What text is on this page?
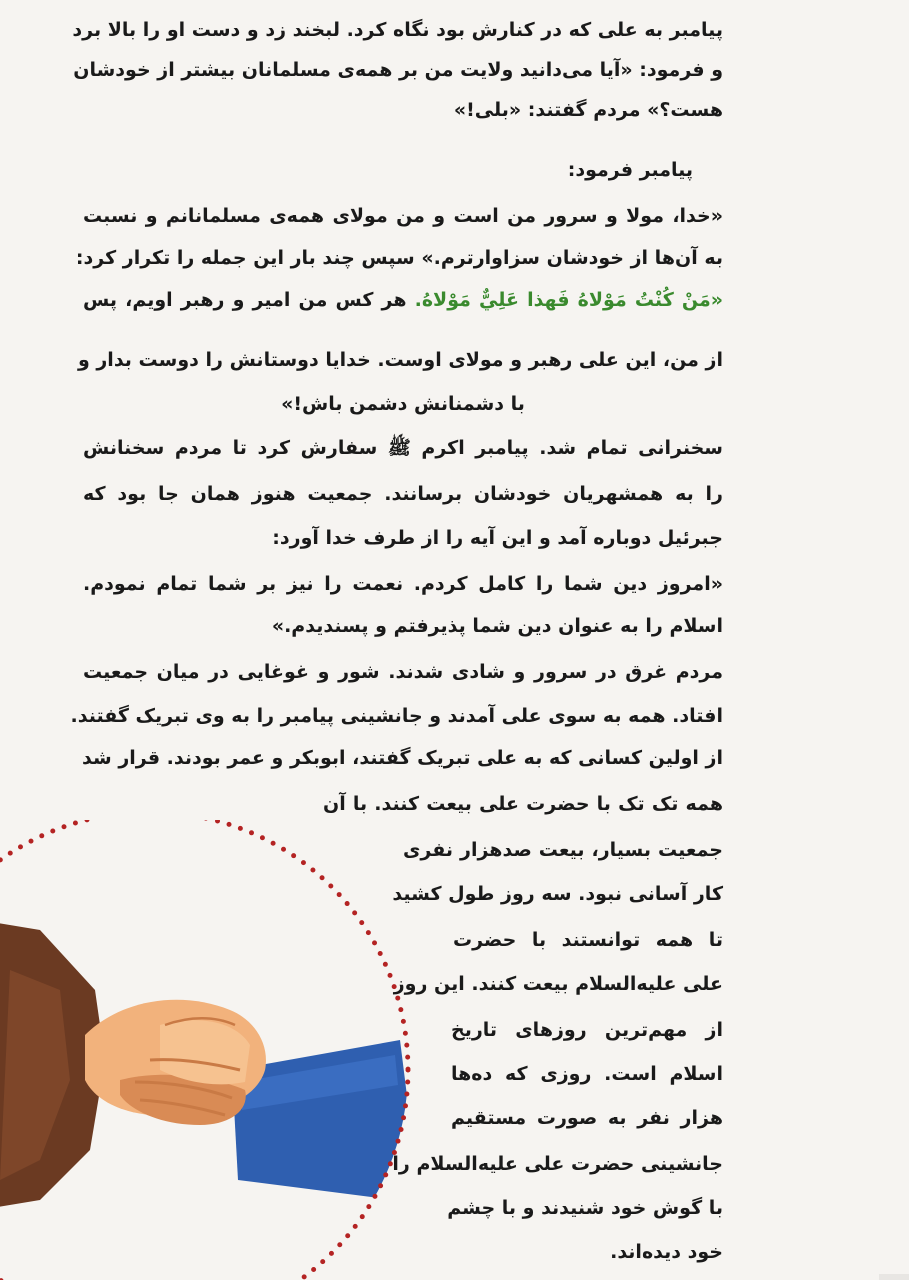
پیامبر به علی که در کنارش بود نگاه کرد. لبخند زد و دست او را بالا برد
و فرمود: «آیا می‌دانید ولایت من بر همه‌ی مسلمانان بیشتر از خودشان
هست؟» مردم گفتند: «بلی!»
پیامبر فرمود:
«خدا، مولا و سرور من است و من مولای همه‌ی مسلمانانم و نسبت
به آن‌ها از خودشان سزاوارترم.» سپس چند بار این جمله را تکرار کرد:
«مَنْ كُنْتُ مَوْلاهُ فَهذا عَلِيٌّ مَوْلاهُ. هر کس من امیر و رهبر اویم، پس
از من، این علی رهبر و مولای اوست. خدایا دوستانش را دوست بدار و
با دشمنانش دشمن باش!»
سخنرانی تمام شد. پیامبر اکرم ﷺ سفارش کرد تا مردم سخنانش
را به همشهریان خودشان برسانند. جمعیت هنوز همان جا بود که
جبرئیل دوباره آمد و این آیه را از طرف خدا آورد:
«امروز دین شما را کامل کردم. نعمت را نیز بر شما تمام نمودم.
اسلام را به عنوان دین شما پذیرفتم و پسندیدم.»
مردم غرق در سرور و شادی شدند. شور و غوغایی در میان جمعیت
افتاد. همه به سوی علی آمدند و جانشینی پیامبر را به وی تبریک گفتند.
از اولین کسانی که به علی تبریک گفتند، ابوبکر و عمر بودند. قرار شد
همه تک تک با حضرت علی بیعت کنند. با آن
جمعیت بسیار، بیعت صدهزار نفری
کار آسانی نبود. سه روز طول کشید
تا همه توانستند با حضرت
علی علیه‌السلام بیعت کنند. این روز
از مهم‌ترین روزهای تاریخ
اسلام است. روزی که ده‌ها
هزار نفر به صورت مستقیم
جانشینی حضرت علی علیه‌السلام را
با گوش خود شنیدند و با چشم
خود دیده‌اند.
